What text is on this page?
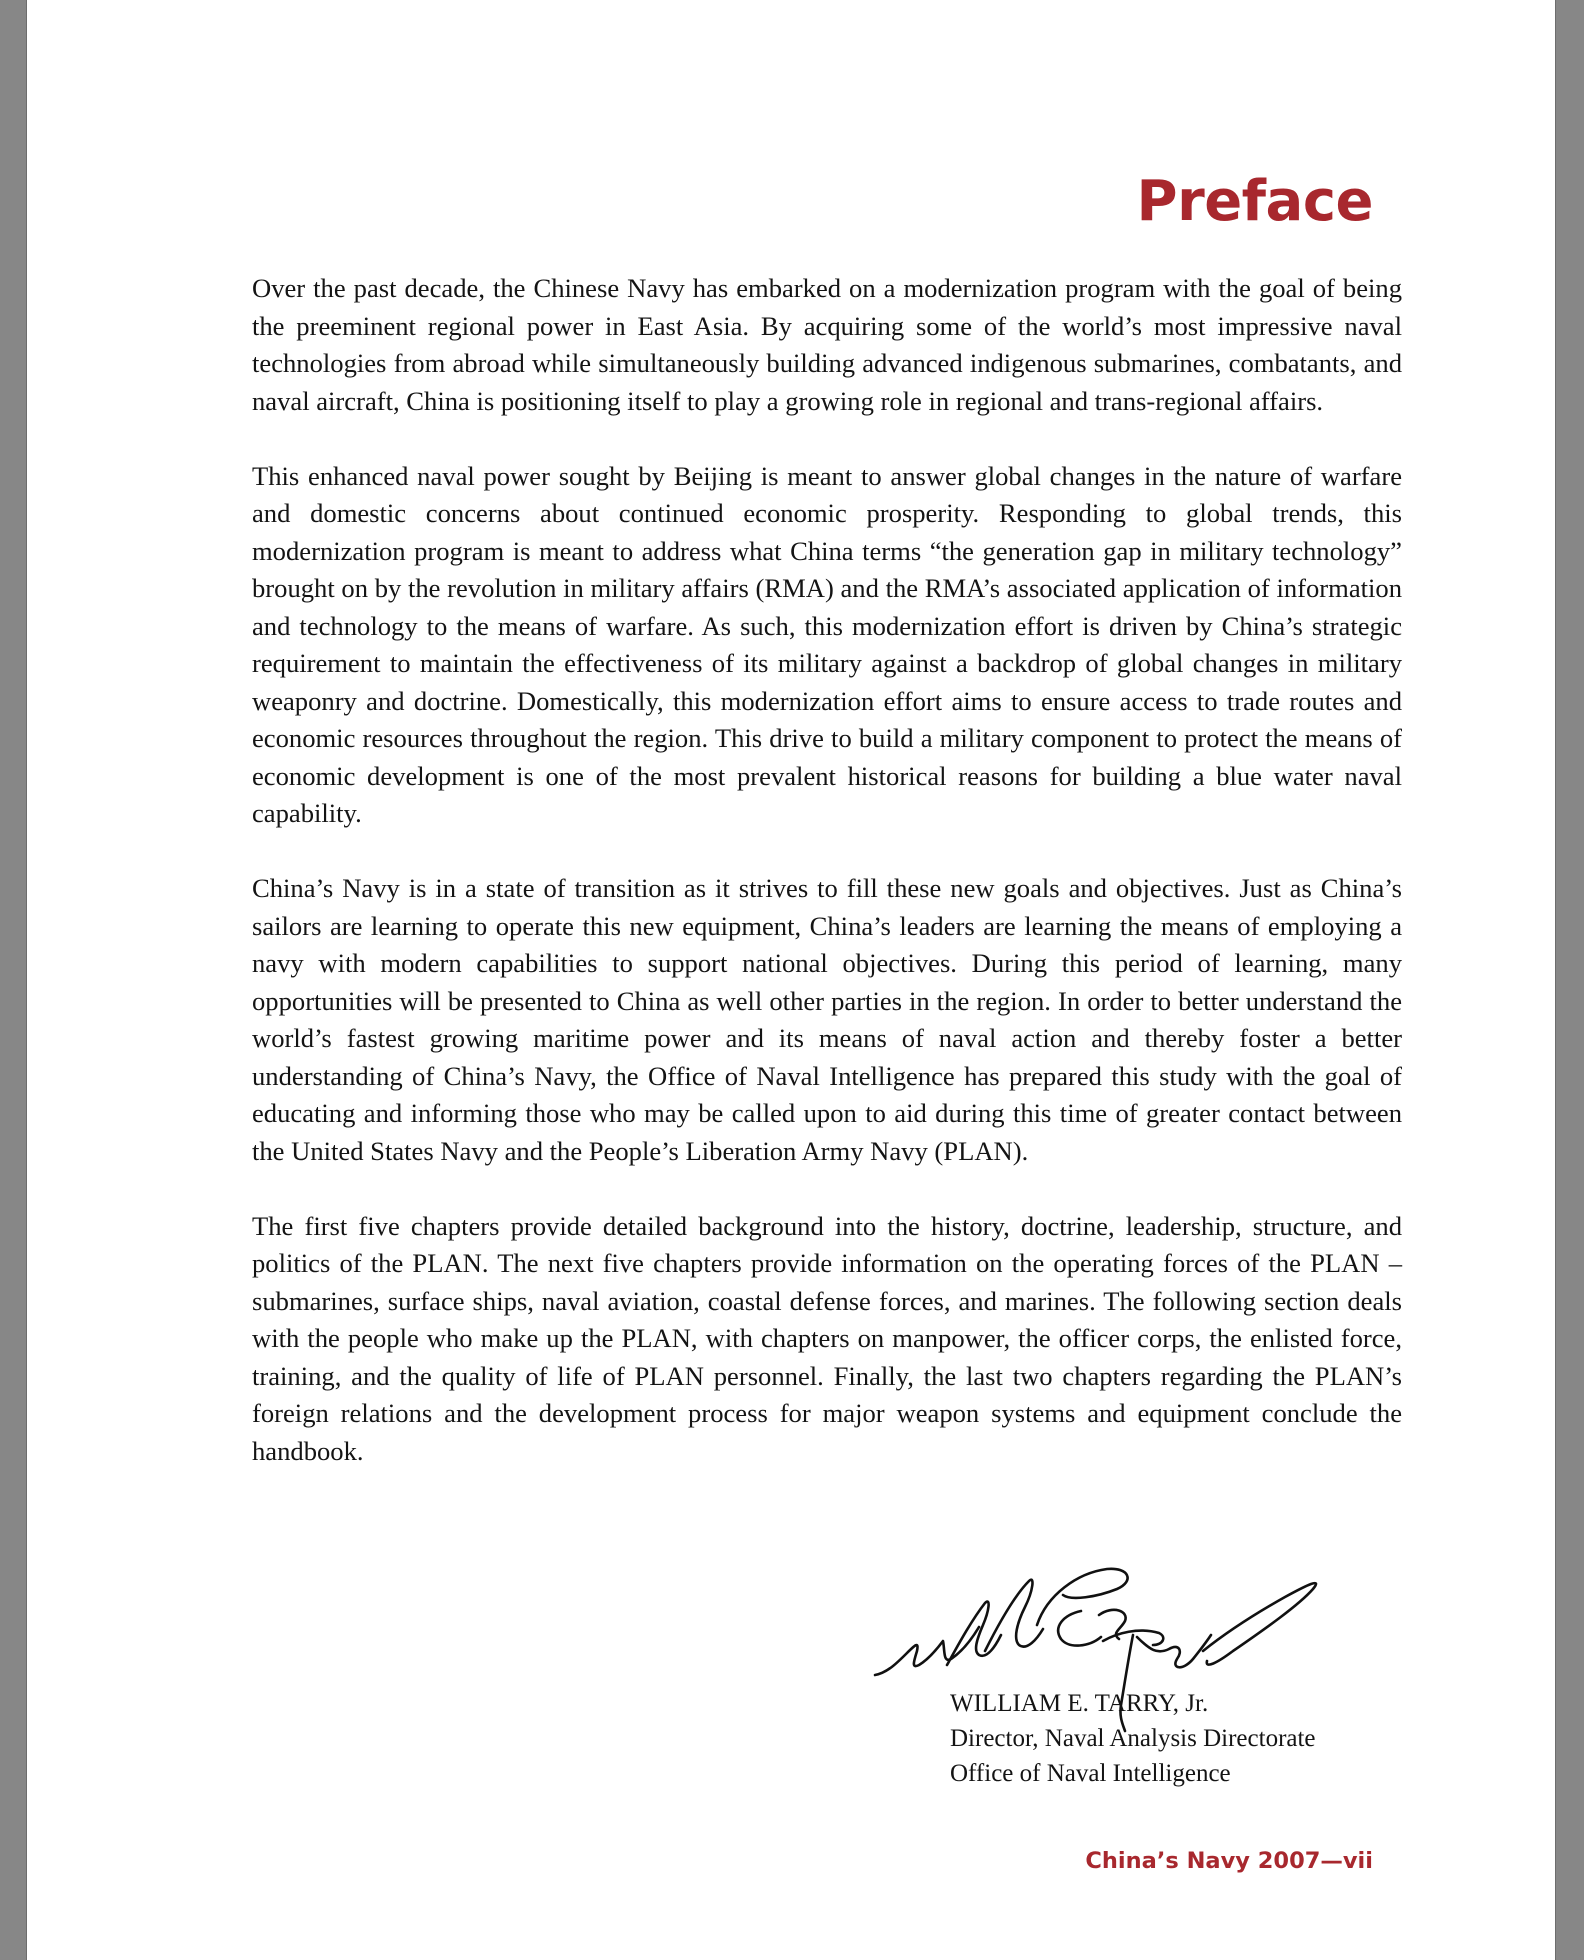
Preface

Over the past decade, the Chinese Navy has embarked on a modernization program with the goal of being the preeminent regional power in East Asia. By acquiring some of the world’s most impressive naval technologies from abroad while simultaneously building advanced indigenous submarines, combatants, and naval aircraft, China is positioning itself to play a growing role in regional and trans-regional affairs.

This enhanced naval power sought by Beijing is meant to answer global changes in the nature of warfare and domestic concerns about continued economic prosperity. Responding to global trends, this modernization program is meant to address what China terms “the generation gap in military technology” brought on by the revolution in military affairs (RMA) and the RMA’s associated application of information and technology to the means of warfare. As such, this modernization effort is driven by China’s strategic requirement to maintain the effectiveness of its military against a backdrop of global changes in military weaponry and doctrine. Domestically, this modernization effort aims to ensure access to trade routes and economic resources throughout the region. This drive to build a military component to protect the means of economic development is one of the most prevalent historical reasons for building a blue water naval capability.

China’s Navy is in a state of transition as it strives to fill these new goals and objectives. Just as China’s sailors are learning to operate this new equipment, China’s leaders are learning the means of employing a navy with modern capabilities to support national objectives. During this period of learning, many opportunities will be presented to China as well other parties in the region. In order to better understand the world’s fastest growing maritime power and its means of naval action and thereby foster a better understanding of China’s Navy, the Office of Naval Intelligence has prepared this study with the goal of educating and informing those who may be called upon to aid during this time of greater contact between the United States Navy and the People’s Liberation Army Navy (PLAN).

The first five chapters provide detailed background into the history, doctrine, leadership, structure, and politics of the PLAN. The next five chapters provide information on the operating forces of the PLAN – submarines, surface ships, naval aviation, coastal defense forces, and marines. The following section deals with the people who make up the PLAN, with chapters on manpower, the officer corps, the enlisted force, training, and the quality of life of PLAN personnel. Finally, the last two chapters regarding the PLAN’s foreign relations and the development process for major weapon systems and equipment conclude the handbook.

WILLIAM E. TARRY, Jr.
Director, Naval Analysis Directorate
Office of Naval Intelligence
China’s Navy 2007—vii
